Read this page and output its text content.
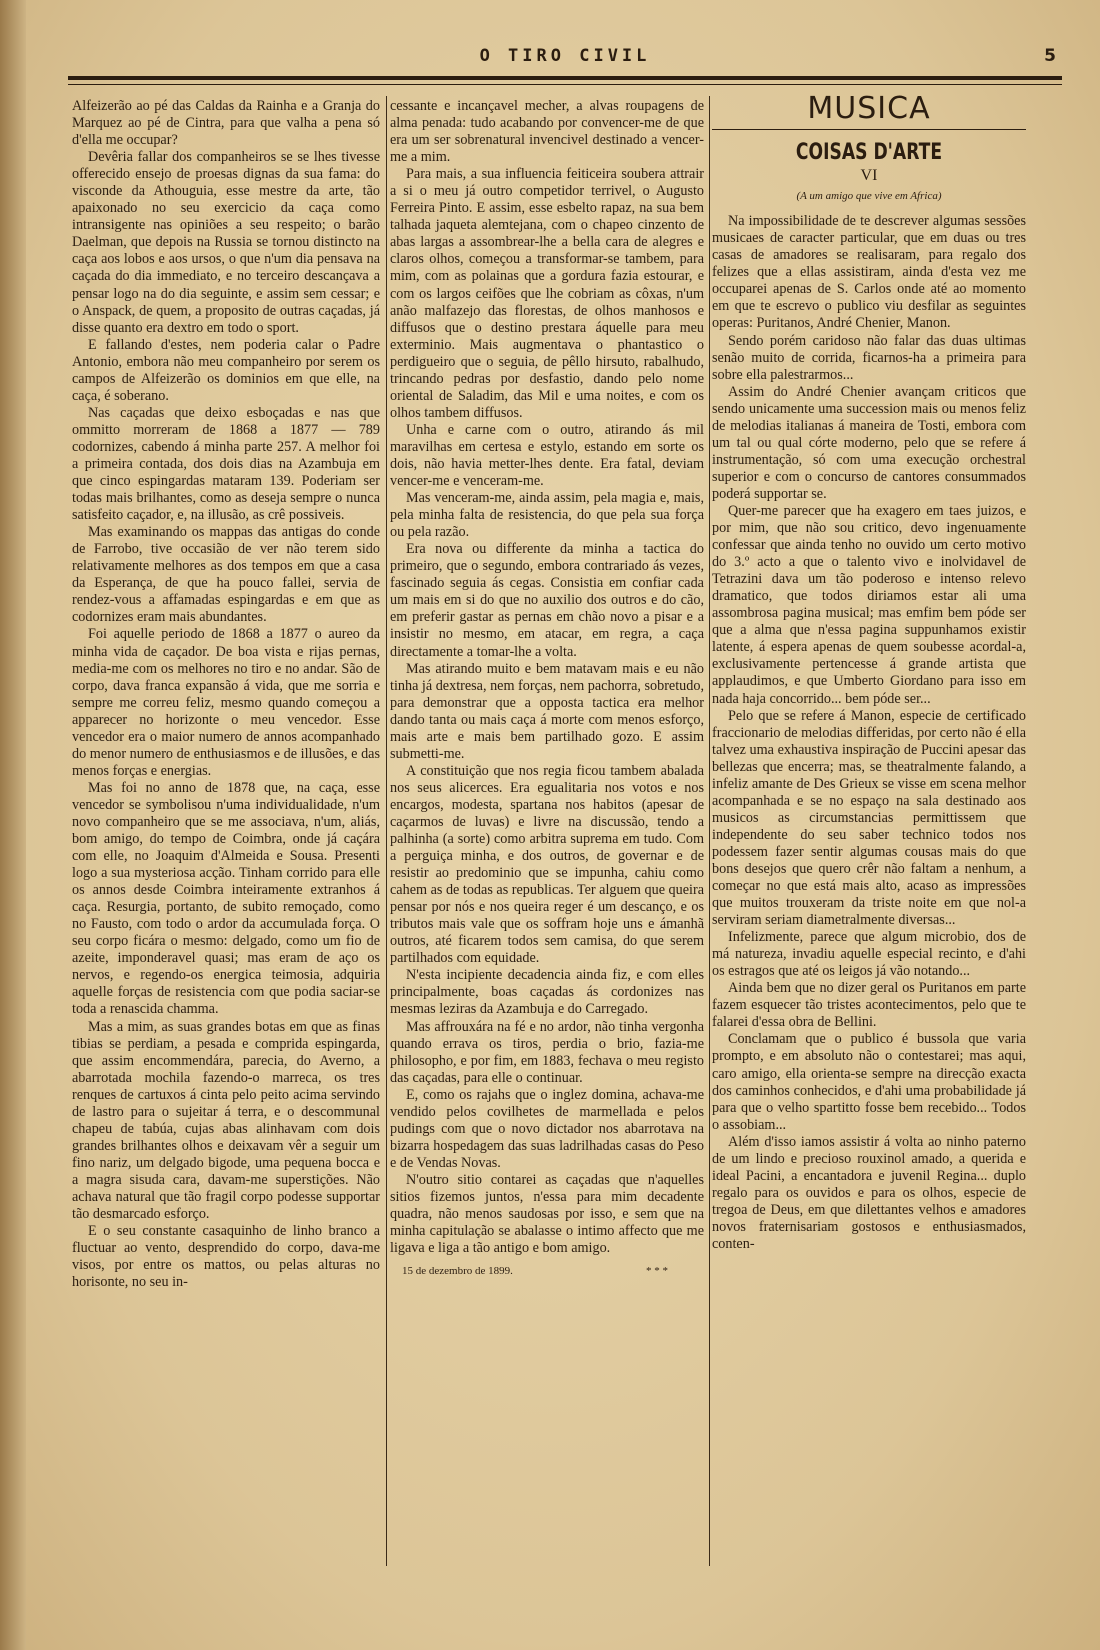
O TIRO CIVIL	5

Alfeizerão ao pé das Caldas da Rainha e a Granja do Marquez ao pé de Cintra, para que valha a pena só d'ella me occupar?

Devêria fallar dos companheiros se se lhes tivesse offerecido ensejo de proesas dignas da sua fama: do visconde da Athouguia, esse mestre da arte, tão apaixonado no seu exercicio da caça como intransigente nas opiniões a seu respeito; o barão Daelman, que depois na Russia se tornou distincto na caça aos lobos e aos ursos, o que n'um dia pensava na caçada do dia immediato, e no terceiro descançava a pensar logo na do dia seguinte, e assim sem cessar; e o Anspack, de quem, a proposito de outras caçadas, já disse quanto era dextro em todo o sport.

E fallando d'estes, nem poderia calar o Padre Antonio, embora não meu companheiro por serem os campos de Alfeizerão os dominios em que elle, na caça, é soberano.

Nas caçadas que deixo esboçadas e nas que ommitto morreram de 1868 a 1877 — 789 codornizes, cabendo á minha parte 257. A melhor foi a primeira contada, dos dois dias na Azambuja em que cinco espingardas mataram 139. Poderiam ser todas mais brilhantes, como as deseja sempre o nunca satisfeito caçador, e, na illusão, as crê possiveis.

Mas examinando os mappas das antigas do conde de Farrobo, tive occasião de ver não terem sido relativamente melhores as dos tempos em que a casa da Esperança, de que ha pouco fallei, servia de rendez-vous a affamadas espingardas e em que as codornizes eram mais abundantes.

Foi aquelle periodo de 1868 a 1877 o aureo da minha vida de caçador. De boa vista e rijas pernas, media-me com os melhores no tiro e no andar. São de corpo, dava franca expansão á vida, que me sorria e sempre me correu feliz, mesmo quando começou a apparecer no horizonte o meu vencedor. Esse vencedor era o maior numero de annos acompanhado do menor numero de enthusiasmos e de illusões, e das menos forças e energias.

Mas foi no anno de 1878 que, na caça, esse vencedor se symbolisou n'uma individualidade, n'um novo companheiro que se me associava, n'um, aliás, bom amigo, do tempo de Coimbra, onde já caçára com elle, no Joaquim d'Almeida e Sousa. Presenti logo a sua mysteriosa acção. Tinham corrido para elle os annos desde Coimbra inteiramente extranhos á caça. Resurgia, portanto, de subito remoçado, como no Fausto, com todo o ardor da accumulada força. O seu corpo ficára o mesmo: delgado, como um fio de azeite, imponderavel quasi; mas eram de aço os nervos, e regendo-os energica teimosia, adquiria aquelle forças de resistencia com que podia saciar-se toda a renascida chamma.

Mas a mim, as suas grandes botas em que as finas tibias se perdiam, a pesada e comprida espingarda, que assim encommendára, parecia, do Averno, a abarrotada mochila fazendo-o marreca, os tres renques de cartuxos á cinta pelo peito acima servindo de lastro para o sujeitar á terra, e o descommunal chapeu de tabúa, cujas abas alinhavam com dois grandes brilhantes olhos e deixavam vêr a seguir um fino nariz, um delgado bigode, uma pequena bocca e a magra sisuda cara, davam-me superstições. Não achava natural que tão fragil corpo podesse supportar tão desmarcado esforço.

E o seu constante casaquinho de linho branco a fluctuar ao vento, desprendido do corpo, dava-me visos, por entre os mattos, ou pelas alturas no horisonte, no seu in-

cessante e incançavel mecher, a alvas roupagens de alma penada: tudo acabando por convencer-me de que era um ser sobrenatural invencivel destinado a vencer-me a mim.

Para mais, a sua influencia feiticeira soubera attrair a si o meu já outro competidor terrivel, o Augusto Ferreira Pinto. E assim, esse esbelto rapaz, na sua bem talhada jaqueta alemtejana, com o chapeo cinzento de abas largas a assombrear-lhe a bella cara de alegres e claros olhos, começou a transformar-se tambem, para mim, com as polainas que a gordura fazia estourar, e com os largos ceifões que lhe cobriam as côxas, n'um anão malfazejo das florestas, de olhos manhosos e diffusos que o destino prestara áquelle para meu exterminio. Mais augmentava o phantastico o perdigueiro que o seguia, de pêllo hirsuto, rabalhudo, trincando pedras por desfastio, dando pelo nome oriental de Saladim, das Mil e uma noites, e com os olhos tambem diffusos.

Unha e carne com o outro, atirando ás mil maravilhas em certesa e estylo, estando em sorte os dois, não havia metter-lhes dente. Era fatal, deviam vencer-me e venceram-me.

Mas venceram-me, ainda assim, pela magia e, mais, pela minha falta de resistencia, do que pela sua força ou pela razão.

Era nova ou differente da minha a tactica do primeiro, que o segundo, embora contrariado ás vezes, fascinado seguia ás cegas. Consistia em confiar cada um mais em si do que no auxilio dos outros e do cão, em preferir gastar as pernas em chão novo a pisar e a insistir no mesmo, em atacar, em regra, a caça directamente a tomar-lhe a volta.

Mas atirando muito e bem matavam mais e eu não tinha já dextresa, nem forças, nem pachorra, sobretudo, para demonstrar que a opposta tactica era melhor dando tanta ou mais caça á morte com menos esforço, mais arte e mais bem partilhado gozo. E assim submetti-me.

A constituição que nos regia ficou tambem abalada nos seus alicerces. Era egualitaria nos votos e nos encargos, modesta, spartana nos habitos (apesar de caçarmos de luvas) e livre na discussão, tendo a palhinha (a sorte) como arbitra suprema em tudo. Com a perguiça minha, e dos outros, de governar e de resistir ao predominio que se impunha, cahiu como cahem as de todas as republicas. Ter alguem que queira pensar por nós e nos queira reger é um descanço, e os tributos mais vale que os soffram hoje uns e ámanhã outros, até ficarem todos sem camisa, do que serem partilhados com equidade.

N'esta incipiente decadencia ainda fiz, e com elles principalmente, boas caçadas ás cordonizes nas mesmas leziras da Azambuja e do Carregado.

Mas affrouxára na fé e no ardor, não tinha vergonha quando errava os tiros, perdia o brio, fazia-me philosopho, e por fim, em 1883, fechava o meu registo das caçadas, para elle o continuar.

E, como os rajahs que o inglez domina, achava-me vendido pelos covilhetes de marmellada e pelos pudings com que o novo dictador nos abarrotava na bizarra hospedagem das suas ladrilhadas casas do Peso e de Vendas Novas.

N'outro sitio contarei as caçadas que n'aquelles sitios fizemos juntos, n'essa para mim decadente quadra, não menos saudosas por isso, e sem que na minha capitulação se abalasse o intimo affecto que me ligava e liga a tão antigo e bom amigo.

15 de dezembro de 1899.	* * *
MUSICA
COISAS D'ARTE
VI
(A um amigo que vive em Africa)

Na impossibilidade de te descrever algumas sessões musicaes de caracter particular, que em duas ou tres casas de amadores se realisaram, para regalo dos felizes que a ellas assistiram, ainda d'esta vez me occuparei apenas de S. Carlos onde até ao momento em que te escrevo o publico viu desfilar as seguintes operas: Puritanos, André Chenier, Manon.

Sendo porém caridoso não falar das duas ultimas senão muito de corrida, ficarnos-ha a primeira para sobre ella palestrarmos...

Assim do André Chenier avançam criticos que sendo unicamente uma succession mais ou menos feliz de melodias italianas á maneira de Tosti, embora com um tal ou qual córte moderno, pelo que se refere á instrumentação, só com uma execução orchestral superior e com o concurso de cantores consummados poderá supportar se.

Quer-me parecer que ha exagero em taes juizos, e por mim, que não sou critico, devo ingenuamente confessar que ainda tenho no ouvido um certo motivo do 3.º acto a que o talento vivo e inolvidavel de Tetrazini dava um tão poderoso e intenso relevo dramatico, que todos diriamos estar ali uma assombrosa pagina musical; mas emfim bem póde ser que a alma que n'essa pagina suppunhamos existir latente, á espera apenas de quem soubesse acordal-a, exclusivamente pertencesse á grande artista que applaudimos, e que Umberto Giordano para isso em nada haja concorrido... bem póde ser...

Pelo que se refere á Manon, especie de certificado fraccionario de melodias differidas, por certo não é ella talvez uma exhaustiva inspiração de Puccini apesar das bellezas que encerra; mas, se theatralmente falando, a infeliz amante de Des Grieux se visse em scena melhor acompanhada e se no espaço na sala destinado aos musicos as circumstancias permittissem que independente do seu saber technico todos nos podessem fazer sentir algumas cousas mais do que bons desejos que quero crêr não faltam a nenhum, a começar no que está mais alto, acaso as impressões que muitos trouxeram da triste noite em que nol-a serviram seriam diametralmente diversas...

Infelizmente, parece que algum microbio, dos de má natureza, invadiu aquelle especial recinto, e d'ahi os estragos que até os leigos já vão notando...

Ainda bem que no dizer geral os Puritanos em parte fazem esquecer tão tristes acontecimentos, pelo que te falarei d'essa obra de Bellini.

Conclamam que o publico é bussola que varia prompto, e em absoluto não o contestarei; mas aqui, caro amigo, ella orienta-se sempre na direcção exacta dos caminhos conhecidos, e d'ahi uma probabilidade já para que o velho spartitto fosse bem recebido... Todos o assobiam...

Além d'isso iamos assistir á volta ao ninho paterno de um lindo e precioso rouxinol amado, a querida e ideal Pacini, a encantadora e juvenil Regina... duplo regalo para os ouvidos e para os olhos, especie de tregoa de Deus, em que dilettantes velhos e amadores novos fraternisariam gostosos e enthusiasmados, conten-
